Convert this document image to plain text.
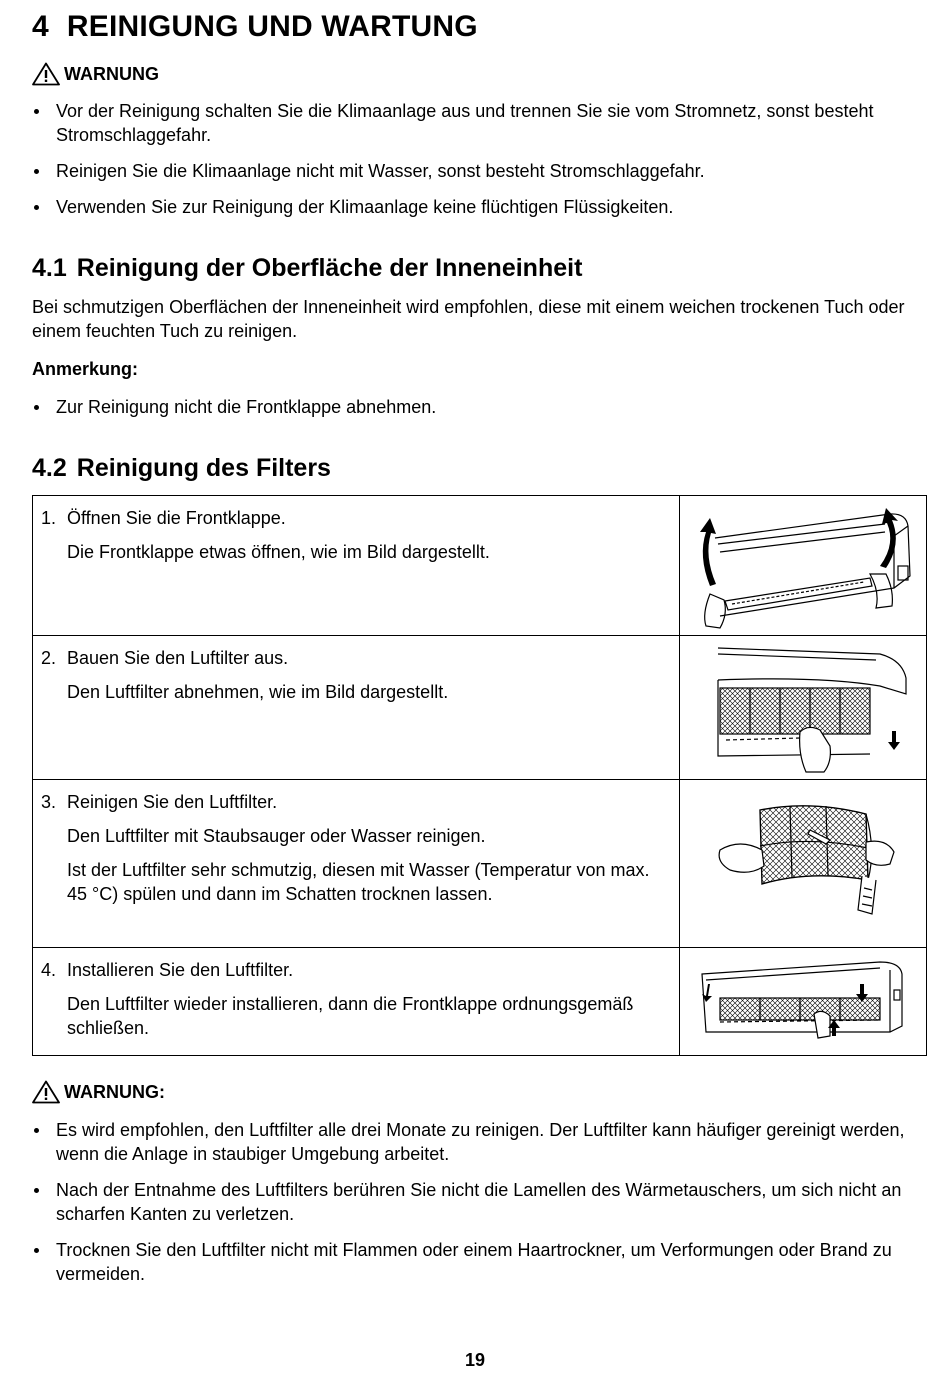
4 REINIGUNG UND WARTUNG
WARNUNG
Vor der Reinigung schalten Sie die Klimaanlage aus und trennen Sie sie vom Stromnetz, sonst besteht Stromschlaggefahr.
Reinigen Sie die Klimaanlage nicht mit Wasser, sonst besteht Stromschlaggefahr.
Verwenden Sie zur Reinigung der Klimaanlage keine flüchtigen Flüssigkeiten.
4.1 Reinigung der Oberfläche der Inneneinheit

Bei schmutzigen Oberflächen der Inneneinheit wird empfohlen, diese mit einem weichen trockenen Tuch oder einem feuchten Tuch zu reinigen.

Anmerkung:
Zur Reinigung nicht die Frontklappe abnehmen.
4.2 Reinigung des Filters
1. Öffnen Sie die Frontklappe.
Die Frontklappe etwas öffnen, wie im Bild dargestellt.

2. Bauen Sie den Luftilter aus.
Den Luftfilter abnehmen, wie im Bild dargestellt.

3. Reinigen Sie den Luftfilter.
Den Luftfilter mit Staubsauger oder Wasser reinigen.
Ist der Luftfilter sehr schmutzig, diesen mit Wasser (Temperatur von max. 45 °C) spülen und dann im Schatten trocknen lassen.

4. Installieren Sie den Luftfilter.
Den Luftfilter wieder installieren, dann die Frontklappe ordnungsgemäß schließen.

WARNUNG:
Es wird empfohlen, den Luftfilter alle drei Monate zu reinigen. Der Luftfilter kann häufiger gereinigt werden, wenn die Anlage in staubiger Umgebung arbeitet.
Nach der Entnahme des Luftfilters berühren Sie nicht die Lamellen des Wärmetauschers, um sich nicht an scharfen Kanten zu verletzen.
Trocknen Sie den Luftfilter nicht mit Flammen oder einem Haartrockner, um Verformungen oder Brand zu vermeiden.
19
